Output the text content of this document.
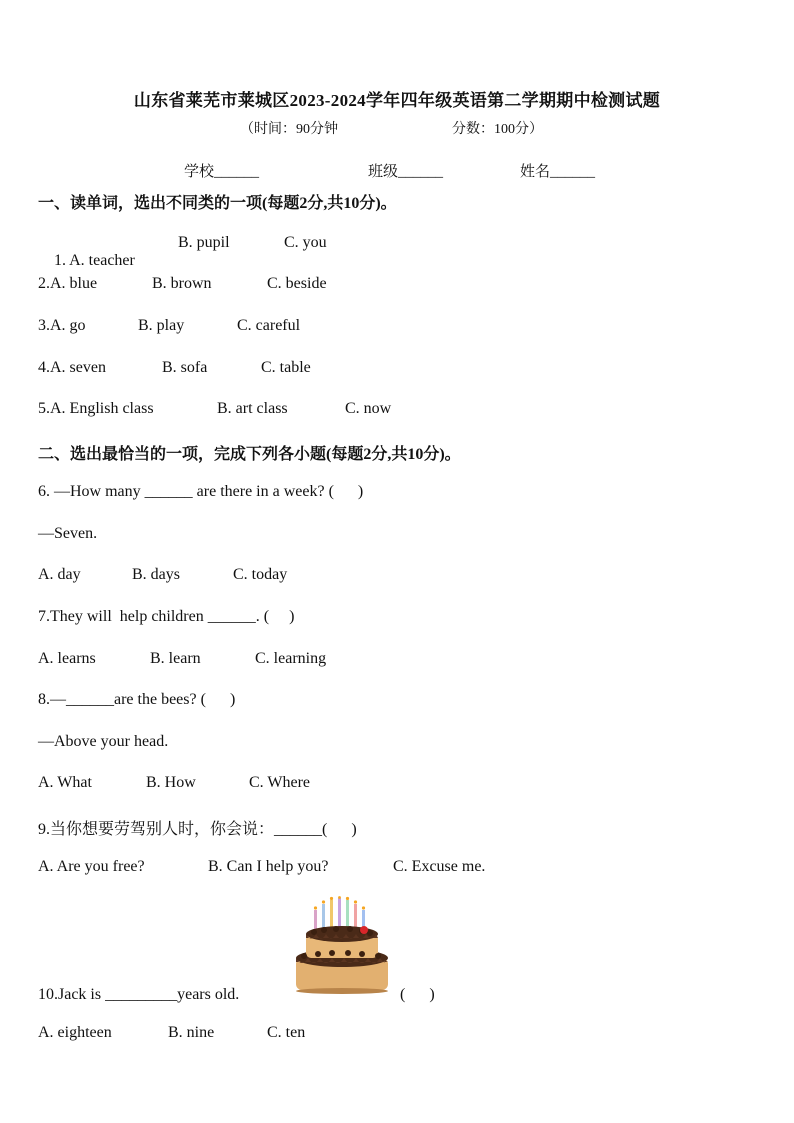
山东省莱芜市莱城区2023-2024学年四年级英语第二学期期中检测试题
（时间：90分钟	分数：100分）
学校______	班级______	姓名______
一、读单词，选出不同类的一项(每题2分,共10分)。

1. A. teacher

B. pupil	C. you
2.A. blue	B. brown	C. beside
3.A. go	B. play	C. careful
4.A. seven	B. sofa	C. table
5.A. English class	B. art class	C. now
二、选出最恰当的一项，完成下列各小题(每题2分,共10分)。
6. —How many ______ are there in a week? (      )
—Seven.
A. day	B. days	C. today
7.They will  help children ______. (     )
A. learns	B. learn	C. learning
8.—______are the bees? (      )
—Above your head.
A. What	B. How	C. Where
9.当你想要劳驾别人时，你会说：______(      )
A. Are you free?	B. Can I help you?	C. Excuse me.
10.Jack is _________years old.	(      )
A. eighteen	B. nine	C. ten
